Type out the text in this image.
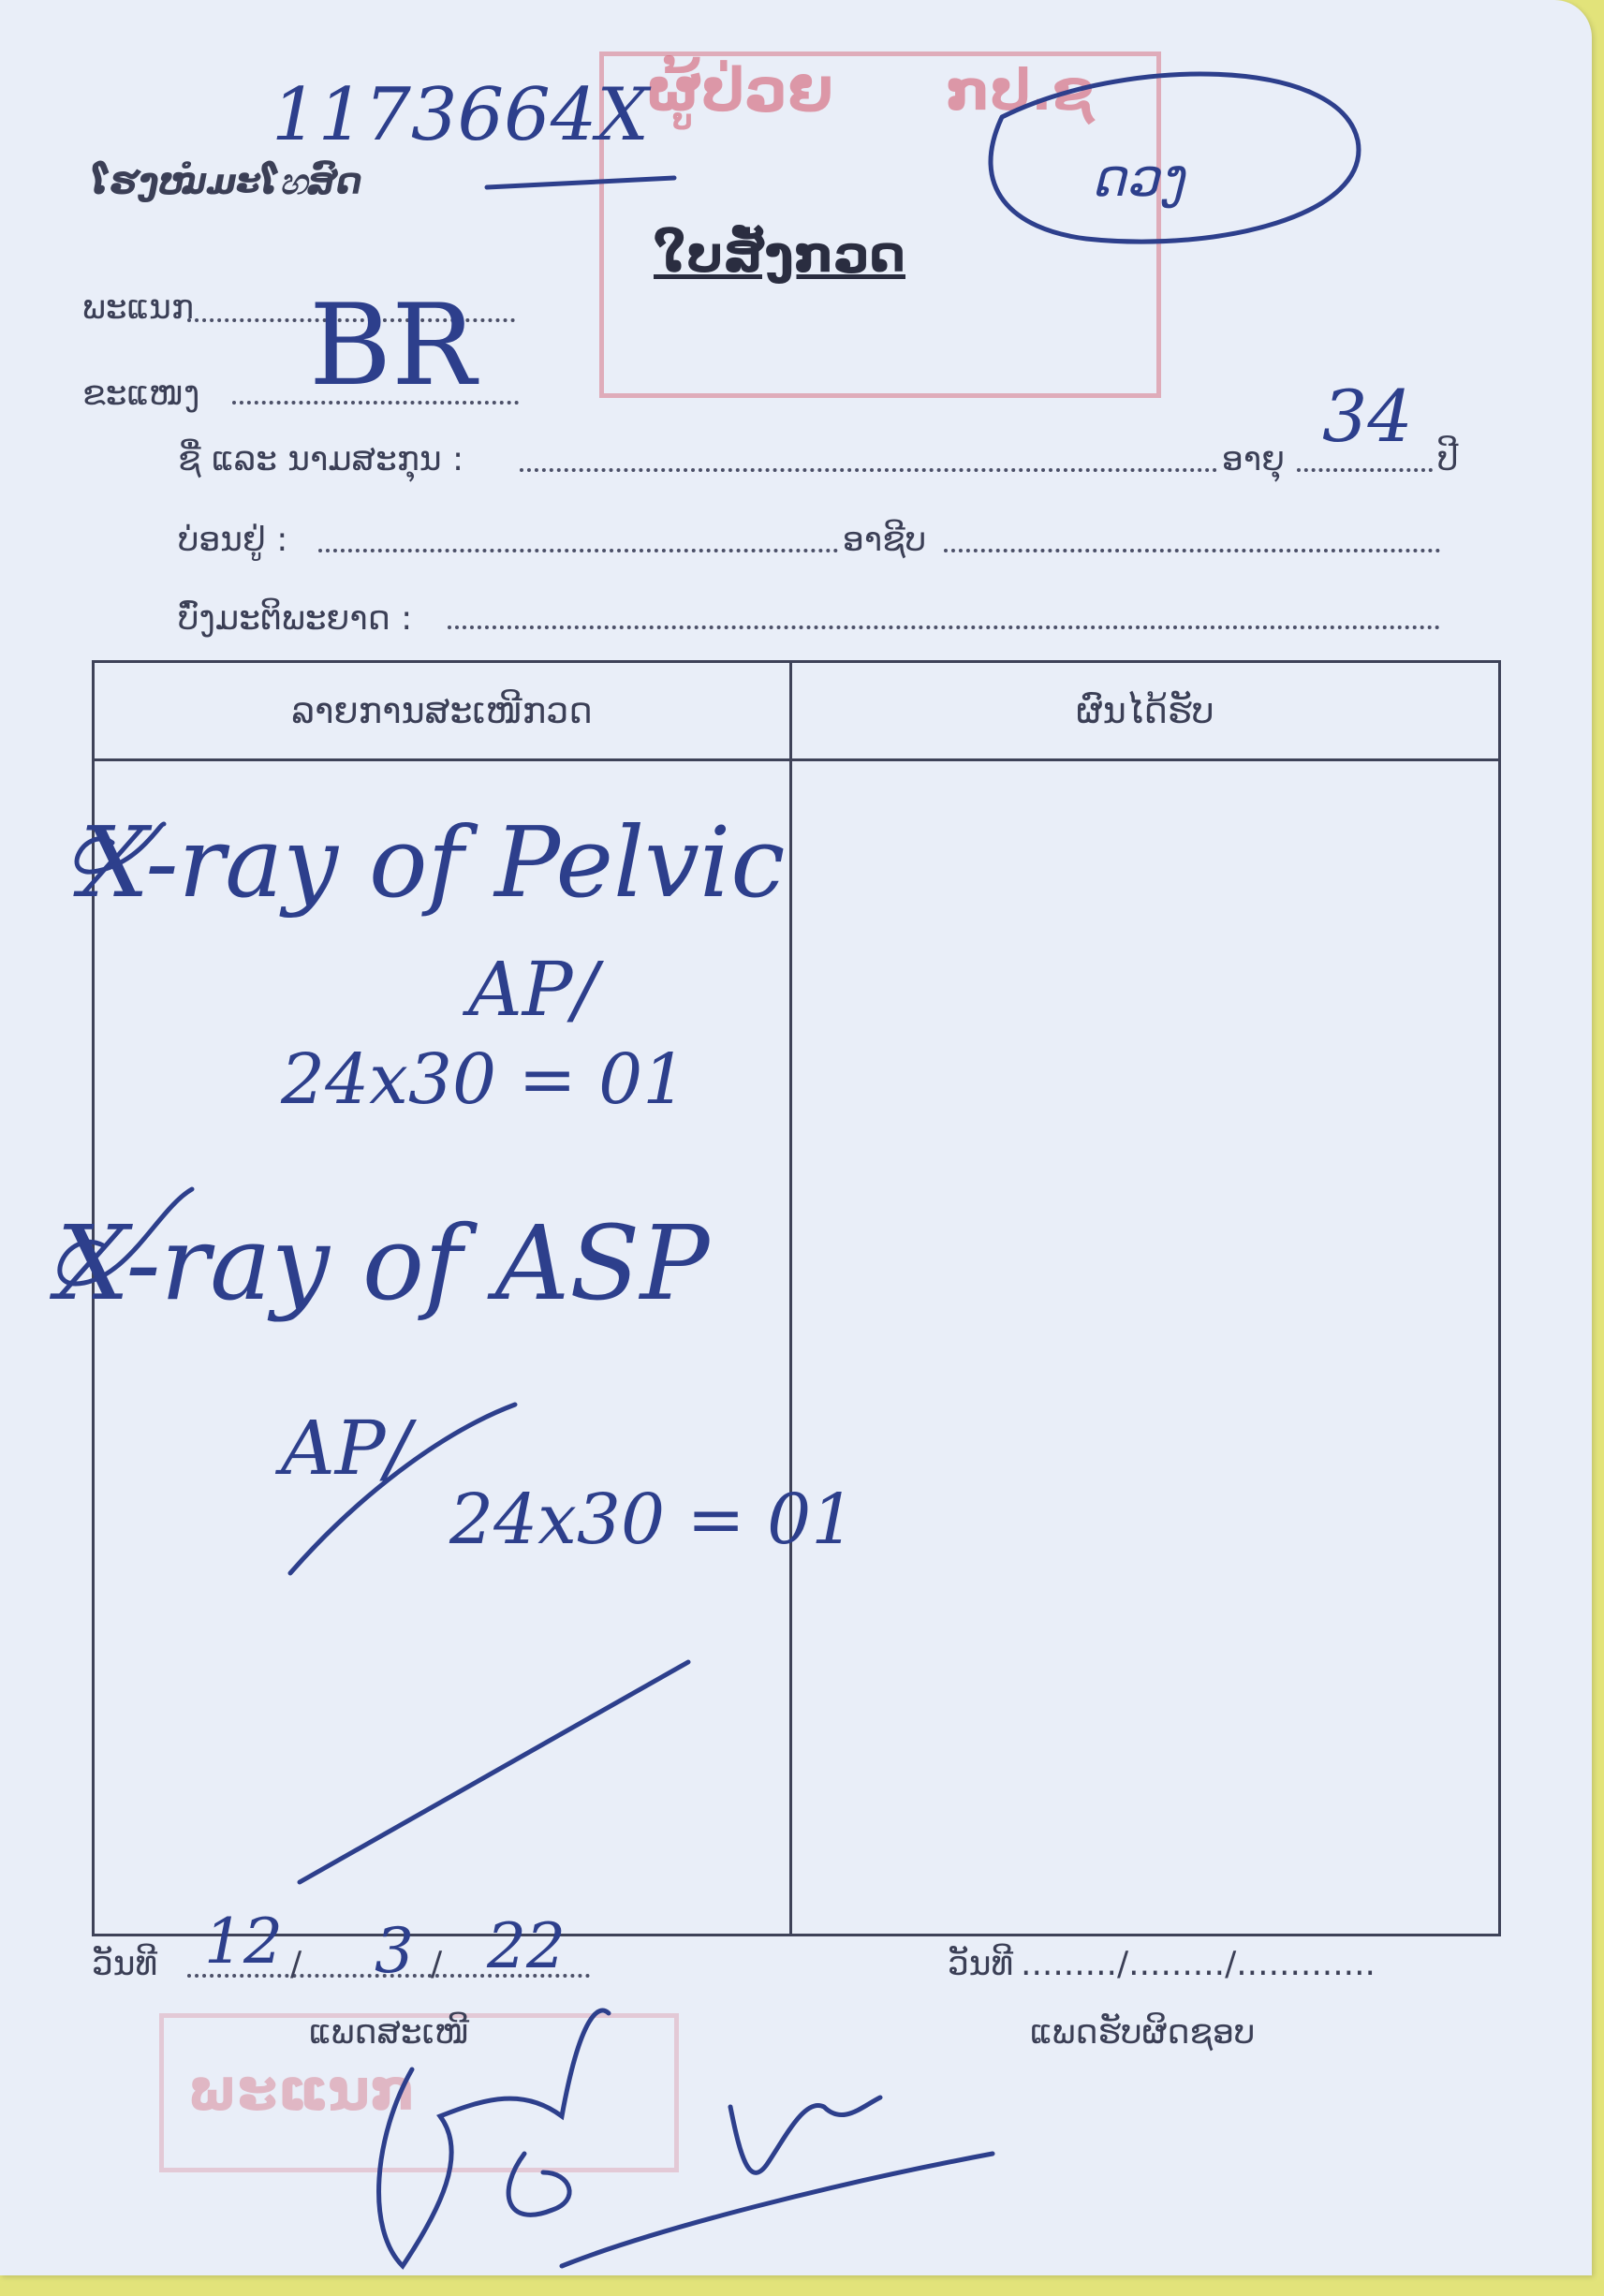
ຜູ້ປ່ວຍ ກປ.ຊ
ໂຮງໝໍມະໂහສົດ
ໃບສັ່ງກວດ
ພະແນກ
ຂະແໜງ
ຊື່ ແລະ ນາມສະກຸນ :	ອາຍຸ	ປີ
ບ່ອນຢູ່ :	ອາຊີບ
ບົ່ງມະຕິພະຍາດ :
ລາຍການສະເໜີກວດ	ຜົນໄດ້ຮັບ

1173664X
ດວງ
BR
34
X-ray of Pelvic
AP/
24x30 = 01
X-ray of ASP
AP/
24x30 = 01
ວັນທີ	/	/
12 3 22	ວັນທີ ........./........./.............
ພະແນກ
ແພດສະເໜີ	ແພດຮັບຜິດຊອບ
